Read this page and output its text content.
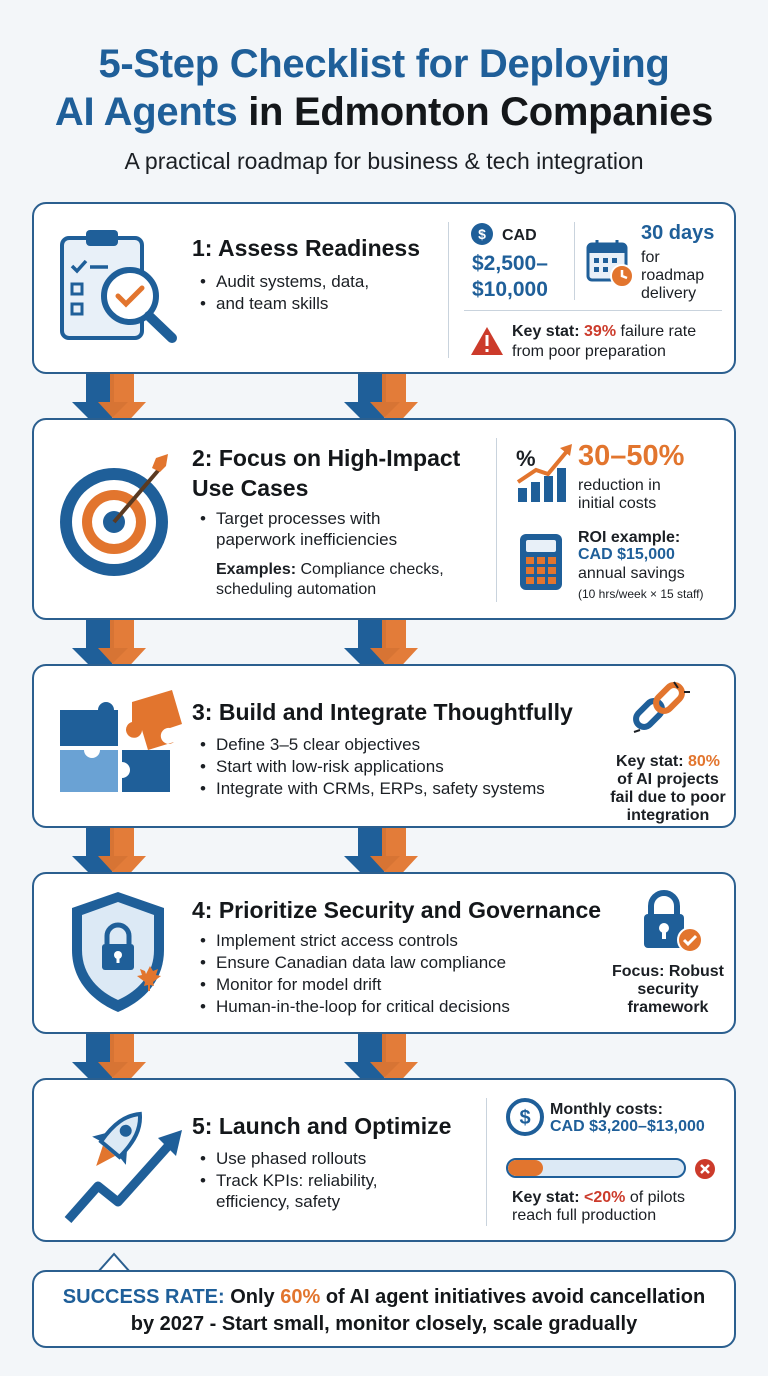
5-Step Checklist for Deploying
AI Agents in Edmonton Companies
A practical roadmap for business & tech integration
1: Assess Readiness
• Audit systems, data,
• and team skills
$ CAD
$2,500–
$10,000
30 days
for
roadmap
delivery
Key stat: 39% failure rate
from poor preparation
2: Focus on High-Impact
Use Cases
• Target processes with
paperwork inefficiencies
Examples: Compliance checks,
scheduling automation
% 30–50%
reduction in
initial costs
ROI example:
CAD $15,000
annual savings
(10 hrs/week × 15 staff)
3: Build and Integrate Thoughtfully
• Define 3–5 clear objectives
• Start with low-risk applications
• Integrate with CRMs, ERPs, safety systems
Key stat: 80%
of AI projects
fail due to poor
integration
4: Prioritize Security and Governance
• Implement strict access controls
• Ensure Canadian data law compliance
• Monitor for model drift
• Human-in-the-loop for critical decisions
Focus: Robust
security
framework
5: Launch and Optimize
• Use phased rollouts
• Track KPIs: reliability,
efficiency, safety
$ Monthly costs:
CAD $3,200–$13,000
Key stat: <20% of pilots
reach full production
SUCCESS RATE: Only 60% of AI agent initiatives avoid cancellation
by 2027 - Start small, monitor closely, scale gradually
